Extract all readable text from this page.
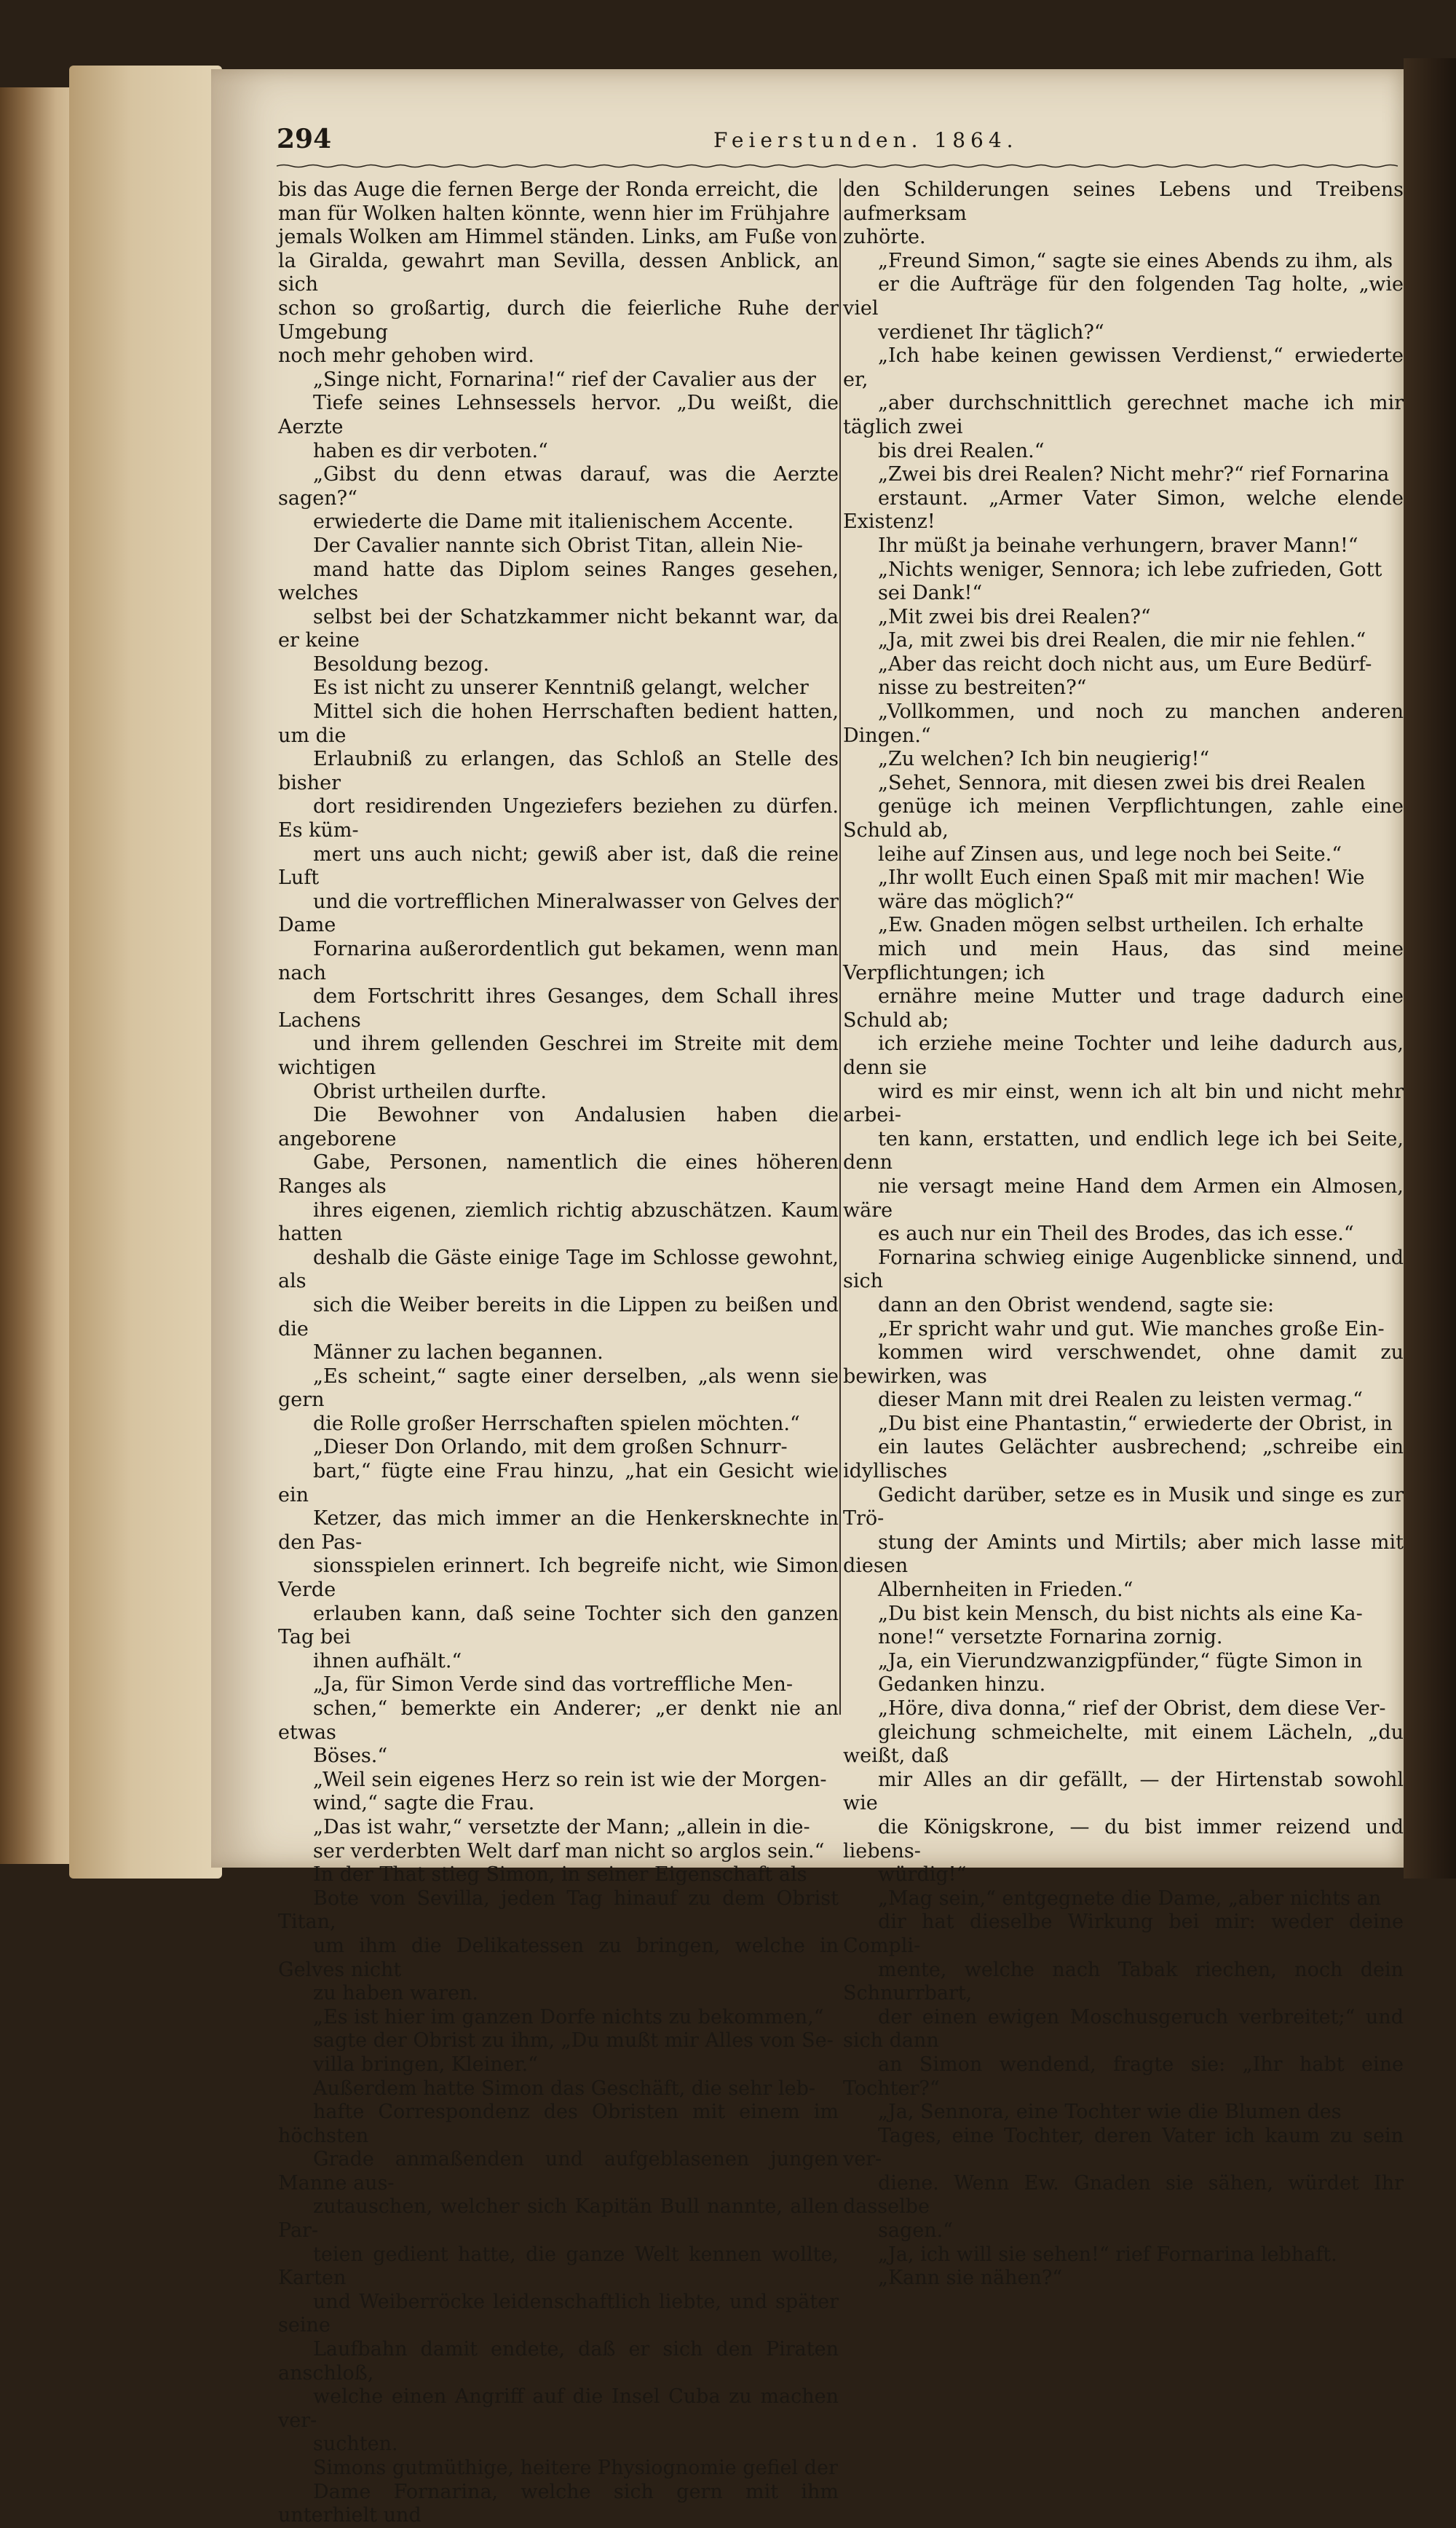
294	Feierstunden. 1864.

bis das Auge die fernen Berge der Ronda erreicht, die
man für Wolken halten könnte, wenn hier im Frühjahre
jemals Wolken am Himmel ständen. Links, am Fuße von
la Giralda, gewahrt man Sevilla, dessen Anblick, an sich
schon so großartig, durch die feierliche Ruhe der Umgebung
noch mehr gehoben wird.

„Singe nicht, Fornarina!“ rief der Cavalier aus der
Tiefe seines Lehnsessels hervor. „Du weißt, die Aerzte
haben es dir verboten.“

„Gibst du denn etwas darauf, was die Aerzte sagen?“
erwiederte die Dame mit italienischem Accente.

Der Cavalier nannte sich Obrist Titan, allein Nie-
mand hatte das Diplom seines Ranges gesehen, welches
selbst bei der Schatzkammer nicht bekannt war, da er keine
Besoldung bezog.

Es ist nicht zu unserer Kenntniß gelangt, welcher
Mittel sich die hohen Herrschaften bedient hatten, um die
Erlaubniß zu erlangen, das Schloß an Stelle des bisher
dort residirenden Ungeziefers beziehen zu dürfen. Es küm-
mert uns auch nicht; gewiß aber ist, daß die reine Luft
und die vortrefflichen Mineralwasser von Gelves der Dame
Fornarina außerordentlich gut bekamen, wenn man nach
dem Fortschritt ihres Gesanges, dem Schall ihres Lachens
und ihrem gellenden Geschrei im Streite mit dem wichtigen
Obrist urtheilen durfte.

Die Bewohner von Andalusien haben die angeborene
Gabe, Personen, namentlich die eines höheren Ranges als
ihres eigenen, ziemlich richtig abzuschätzen. Kaum hatten
deshalb die Gäste einige Tage im Schlosse gewohnt, als
sich die Weiber bereits in die Lippen zu beißen und die
Männer zu lachen begannen.

„Es scheint,“ sagte einer derselben, „als wenn sie gern
die Rolle großer Herrschaften spielen möchten.“

„Dieser Don Orlando, mit dem großen Schnurr-
bart,“ fügte eine Frau hinzu, „hat ein Gesicht wie ein
Ketzer, das mich immer an die Henkersknechte in den Pas-
sionsspielen erinnert. Ich begreife nicht, wie Simon Verde
erlauben kann, daß seine Tochter sich den ganzen Tag bei
ihnen aufhält.“

„Ja, für Simon Verde sind das vortreffliche Men-
schen,“ bemerkte ein Anderer; „er denkt nie an etwas
Böses.“

„Weil sein eigenes Herz so rein ist wie der Morgen-
wind,“ sagte die Frau.

„Das ist wahr,“ versetzte der Mann; „allein in die-
ser verderbten Welt darf man nicht so arglos sein.“

In der That stieg Simon, in seiner Eigenschaft als
Bote von Sevilla, jeden Tag hinauf zu dem Obrist Titan,
um ihm die Delikatessen zu bringen, welche in Gelves nicht
zu haben waren.

„Es ist hier im ganzen Dorfe nichts zu bekommen,“
sagte der Obrist zu ihm, „Du mußt mir Alles von Se-
villa bringen, Kleiner.“

Außerdem hatte Simon das Geschäft, die sehr leb-
hafte Correspondenz des Obristen mit einem im höchsten
Grade anmaßenden und aufgeblasenen jungen Manne aus-
zutauschen, welcher sich Kapitän Bull nannte, allen Par-
teien gedient hatte, die ganze Welt kennen wollte, Karten
und Weiberröcke leidenschaftlich liebte, und später seine
Laufbahn damit endete, daß er sich den Piraten anschloß,
welche einen Angriff auf die Insel Cuba zu machen ver-
suchten.

Simons gutmüthige, heitere Physiognomie gefiel der
Dame Fornarina, welche sich gern mit ihm unterhielt und

den Schilderungen seines Lebens und Treibens aufmerksam
zuhörte.

„Freund Simon,“ sagte sie eines Abends zu ihm, als
er die Aufträge für den folgenden Tag holte, „wie viel
verdienet Ihr täglich?“

„Ich habe keinen gewissen Verdienst,“ erwiederte er,
„aber durchschnittlich gerechnet mache ich mir täglich zwei
bis drei Realen.“

„Zwei bis drei Realen? Nicht mehr?“ rief Fornarina
erstaunt. „Armer Vater Simon, welche elende Existenz!
Ihr müßt ja beinahe verhungern, braver Mann!“

„Nichts weniger, Sennora; ich lebe zufrieden, Gott
sei Dank!“

„Mit zwei bis drei Realen?“

„Ja, mit zwei bis drei Realen, die mir nie fehlen.“

„Aber das reicht doch nicht aus, um Eure Bedürf-
nisse zu bestreiten?“

„Vollkommen, und noch zu manchen anderen Dingen.“

„Zu welchen? Ich bin neugierig!“

„Sehet, Sennora, mit diesen zwei bis drei Realen
genüge ich meinen Verpflichtungen, zahle eine Schuld ab,
leihe auf Zinsen aus, und lege noch bei Seite.“

„Ihr wollt Euch einen Spaß mit mir machen! Wie
wäre das möglich?“

„Ew. Gnaden mögen selbst urtheilen. Ich erhalte
mich und mein Haus, das sind meine Verpflichtungen; ich
ernähre meine Mutter und trage dadurch eine Schuld ab;
ich erziehe meine Tochter und leihe dadurch aus, denn sie
wird es mir einst, wenn ich alt bin und nicht mehr arbei-
ten kann, erstatten, und endlich lege ich bei Seite, denn
nie versagt meine Hand dem Armen ein Almosen, wäre
es auch nur ein Theil des Brodes, das ich esse.“

Fornarina schwieg einige Augenblicke sinnend, und sich
dann an den Obrist wendend, sagte sie:

„Er spricht wahr und gut. Wie manches große Ein-
kommen wird verschwendet, ohne damit zu bewirken, was
dieser Mann mit drei Realen zu leisten vermag.“

„Du bist eine Phantastin,“ erwiederte der Obrist, in
ein lautes Gelächter ausbrechend; „schreibe ein idyllisches
Gedicht darüber, setze es in Musik und singe es zur Trö-
stung der Amints und Mirtils; aber mich lasse mit diesen
Albernheiten in Frieden.“

„Du bist kein Mensch, du bist nichts als eine Ka-
none!“ versetzte Fornarina zornig.

„Ja, ein Vierundzwanzigpfünder,“ fügte Simon in
Gedanken hinzu.

„Höre, diva donna,“ rief der Obrist, dem diese Ver-
gleichung schmeichelte, mit einem Lächeln, „du weißt, daß
mir Alles an dir gefällt, — der Hirtenstab sowohl wie
die Königskrone, — du bist immer reizend und liebens-
würdig!“

„Mag sein,“ entgegnete die Dame, „aber nichts an
dir hat dieselbe Wirkung bei mir: weder deine Compli-
mente, welche nach Tabak riechen, noch dein Schnurrbart,
der einen ewigen Moschusgeruch verbreitet;“ und sich dann
an Simon wendend, fragte sie: „Ihr habt eine Tochter?“

„Ja, Sennora, eine Tochter wie die Blumen des
Tages, eine Tochter, deren Vater ich kaum zu sein ver-
diene. Wenn Ew. Gnaden sie sähen, würdet Ihr dasselbe
sagen.“

„Ja, ich will sie sehen!“ rief Fornarina lebhaft.
„Kann sie nähen?“
